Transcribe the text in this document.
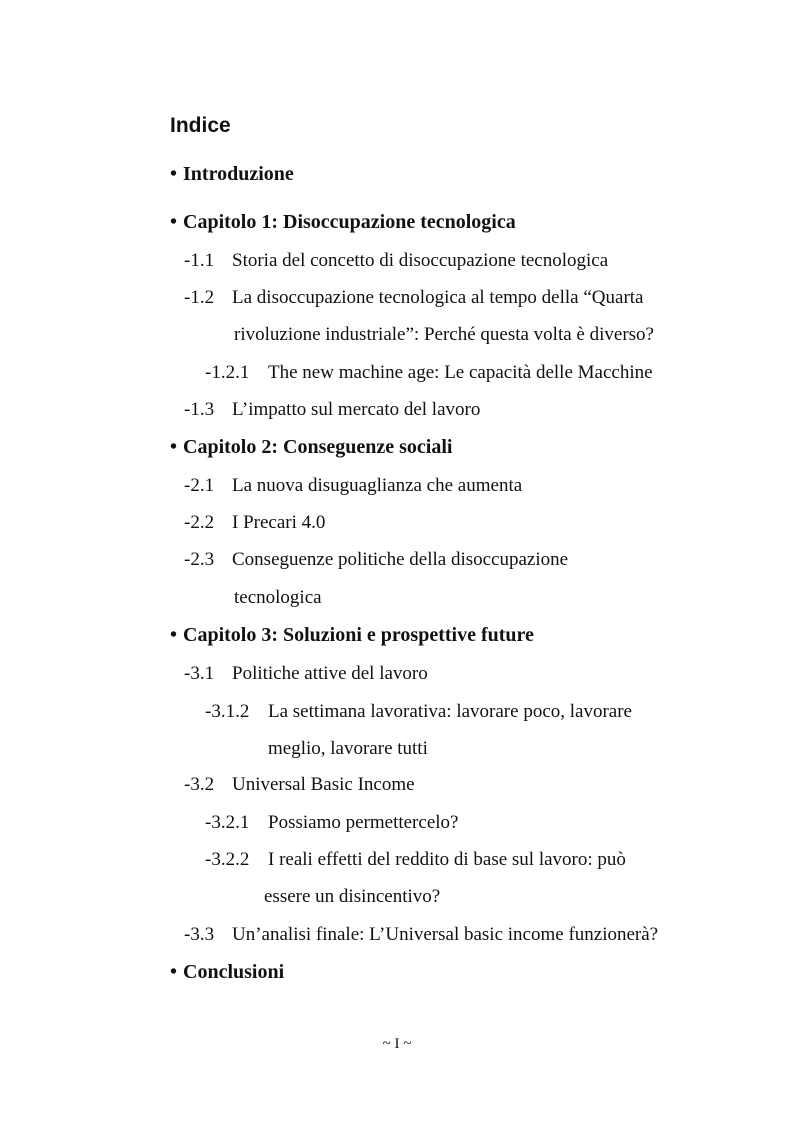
Indice
• Introduzione
• Capitolo 1: Disoccupazione tecnologica
-1.1 Storia del concetto di disoccupazione tecnologica
-1.2 La disoccupazione tecnologica al tempo della “Quarta
rivoluzione industriale”: Perché questa volta è diverso?
-1.2.1 The new machine age: Le capacità delle Macchine
-1.3 L’impatto sul mercato del lavoro
• Capitolo 2: Conseguenze sociali
-2.1 La nuova disuguaglianza che aumenta
-2.2 I Precari 4.0
-2.3 Conseguenze politiche della disoccupazione
tecnologica
• Capitolo 3: Soluzioni e prospettive future
-3.1 Politiche attive del lavoro
-3.1.2 La settimana lavorativa: lavorare poco, lavorare
meglio, lavorare tutti
-3.2 Universal Basic Income
-3.2.1 Possiamo permettercelo?
-3.2.2 I reali effetti del reddito di base sul lavoro: può
essere un disincentivo?
-3.3 Un’analisi finale: L’Universal basic income funzionerà?
• Conclusioni
~ I ~
